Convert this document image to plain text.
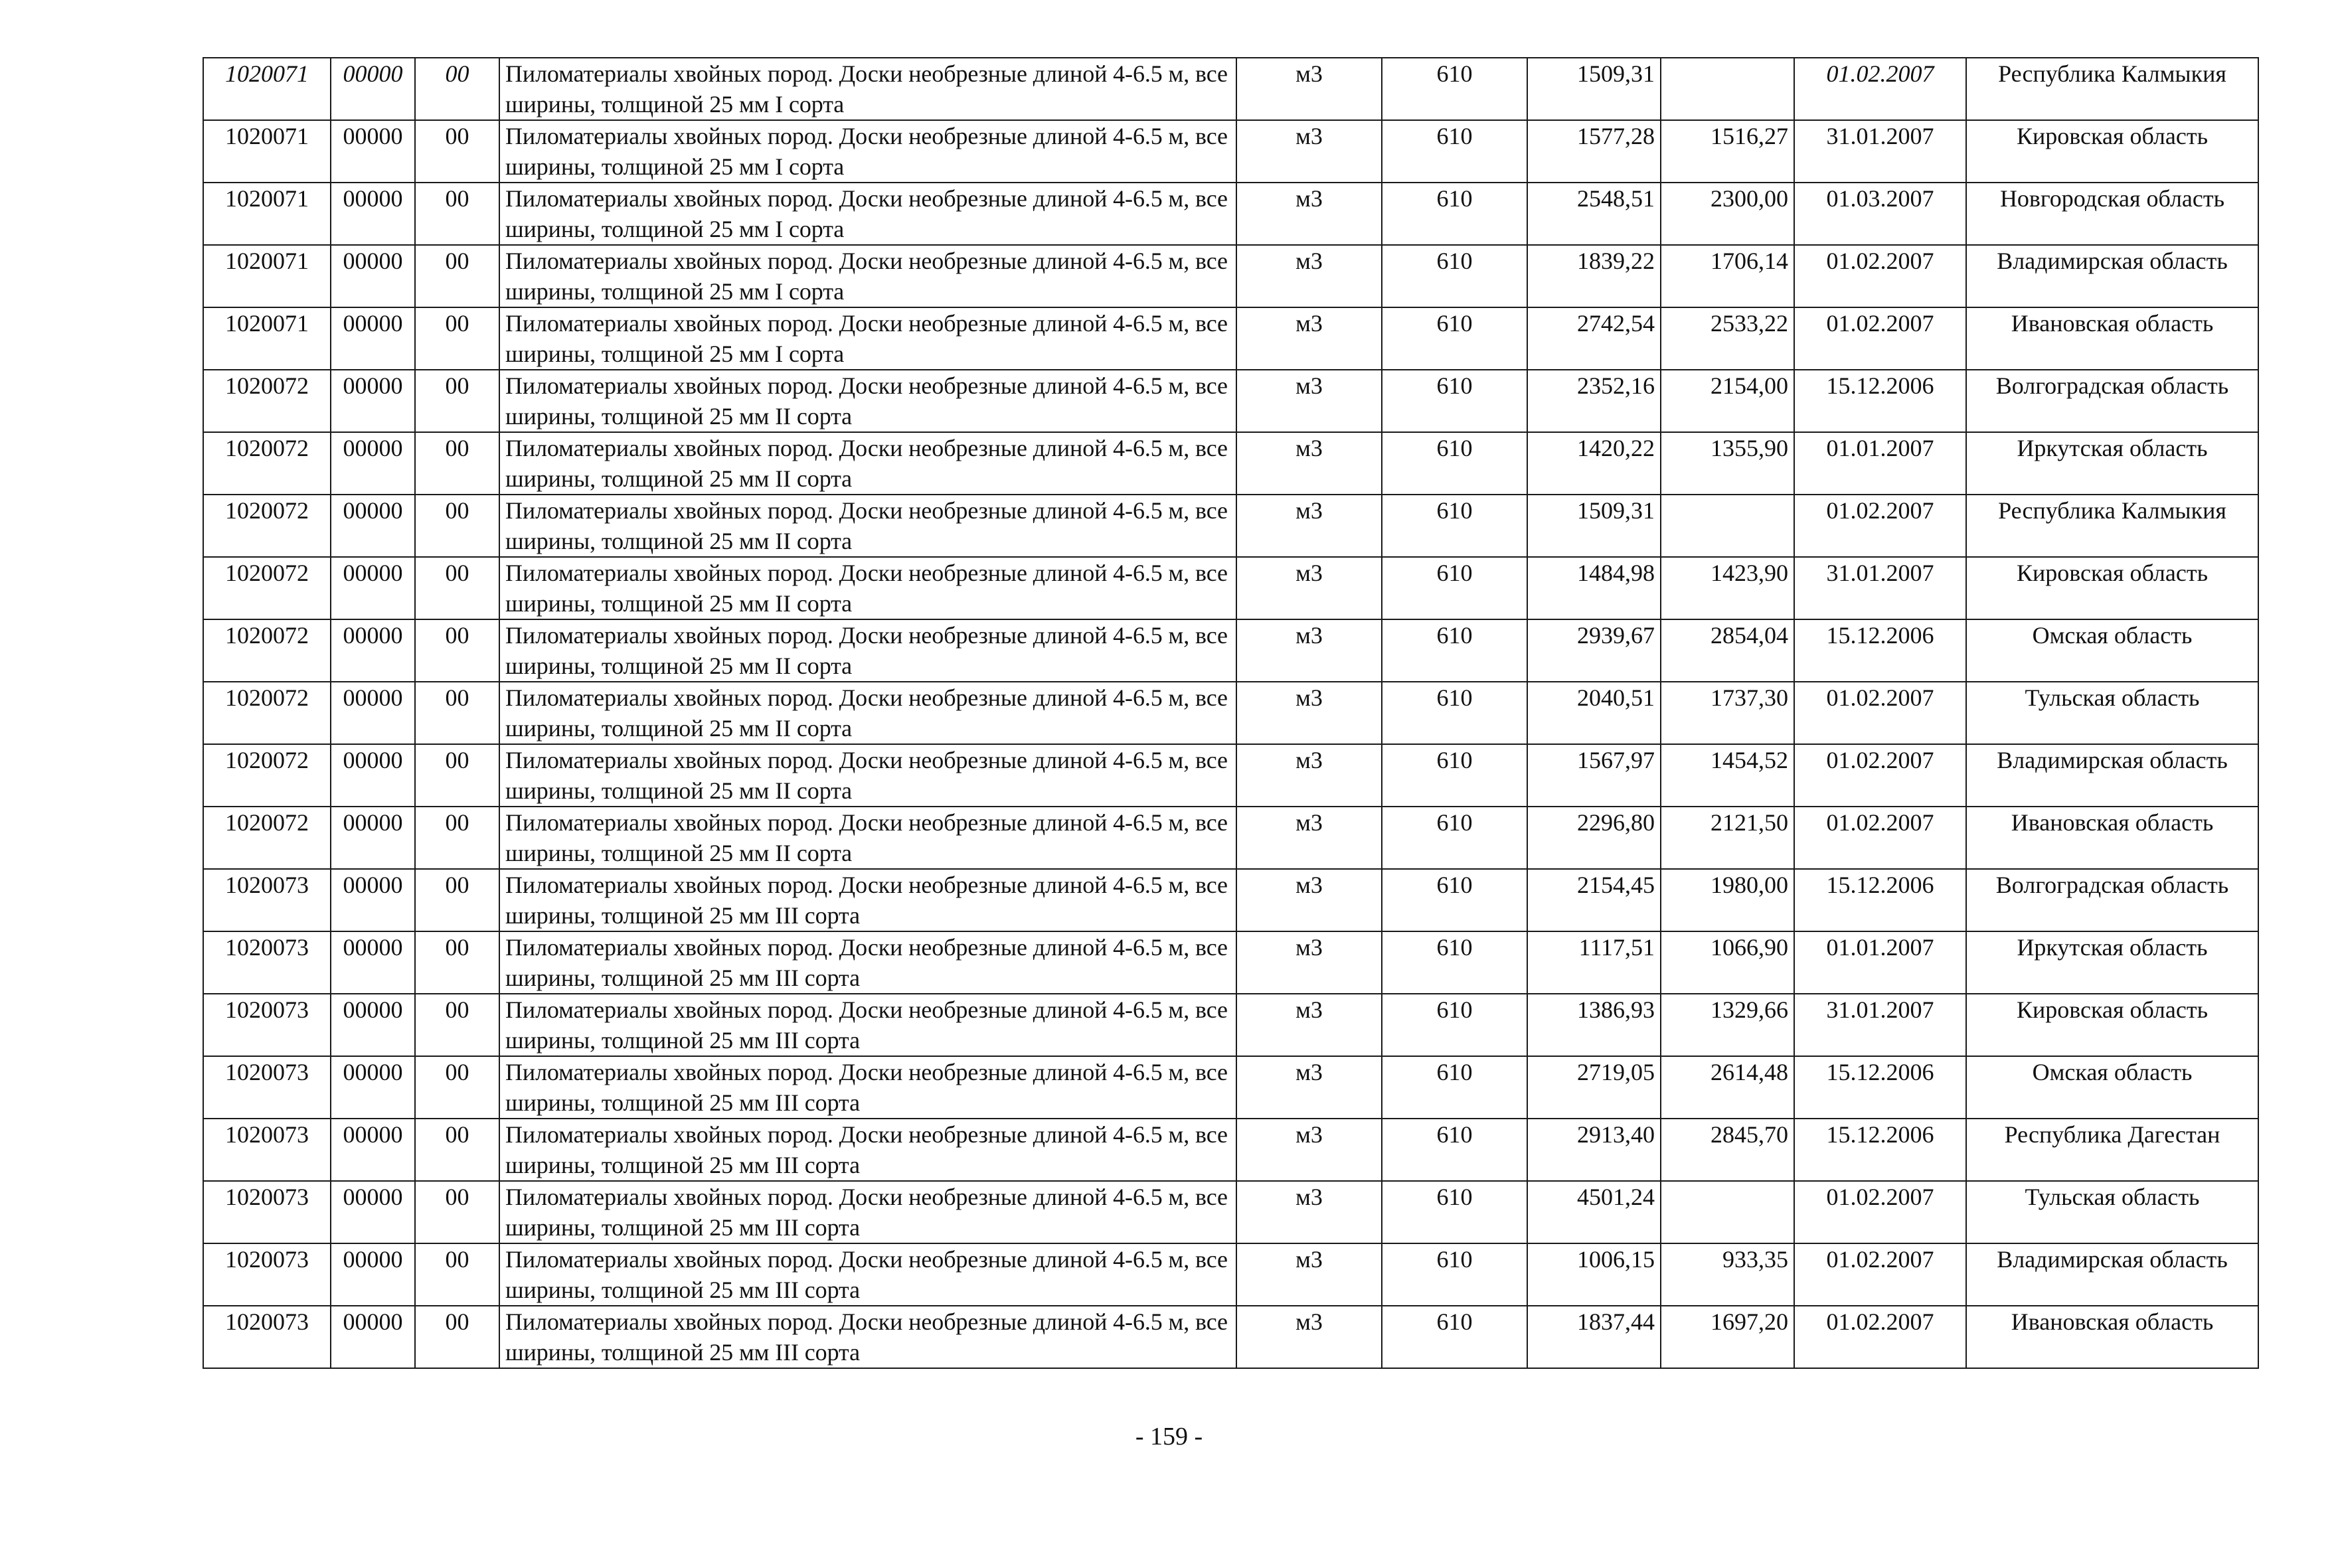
1020071	00000	00	Пиломатериалы хвойных пород. Доски необрезные длиной 4-6.5 м, все ширины, толщиной 25 мм I сорта	м3	610	1509,31		01.02.2007	Республика Калмыкия
1020071	00000	00	Пиломатериалы хвойных пород. Доски необрезные длиной 4-6.5 м, все ширины, толщиной 25 мм I сорта	м3	610	1577,28	1516,27	31.01.2007	Кировская область
1020071	00000	00	Пиломатериалы хвойных пород. Доски необрезные длиной 4-6.5 м, все ширины, толщиной 25 мм I сорта	м3	610	2548,51	2300,00	01.03.2007	Новгородская область
1020071	00000	00	Пиломатериалы хвойных пород. Доски необрезные длиной 4-6.5 м, все ширины, толщиной 25 мм I сорта	м3	610	1839,22	1706,14	01.02.2007	Владимирская область
1020071	00000	00	Пиломатериалы хвойных пород. Доски необрезные длиной 4-6.5 м, все ширины, толщиной 25 мм I сорта	м3	610	2742,54	2533,22	01.02.2007	Ивановская область
1020072	00000	00	Пиломатериалы хвойных пород. Доски необрезные длиной 4-6.5 м, все ширины, толщиной 25 мм II сорта	м3	610	2352,16	2154,00	15.12.2006	Волгоградская область
1020072	00000	00	Пиломатериалы хвойных пород. Доски необрезные длиной 4-6.5 м, все ширины, толщиной 25 мм II сорта	м3	610	1420,22	1355,90	01.01.2007	Иркутская область
1020072	00000	00	Пиломатериалы хвойных пород. Доски необрезные длиной 4-6.5 м, все ширины, толщиной 25 мм II сорта	м3	610	1509,31		01.02.2007	Республика Калмыкия
1020072	00000	00	Пиломатериалы хвойных пород. Доски необрезные длиной 4-6.5 м, все ширины, толщиной 25 мм II сорта	м3	610	1484,98	1423,90	31.01.2007	Кировская область
1020072	00000	00	Пиломатериалы хвойных пород. Доски необрезные длиной 4-6.5 м, все ширины, толщиной 25 мм II сорта	м3	610	2939,67	2854,04	15.12.2006	Омская область
1020072	00000	00	Пиломатериалы хвойных пород. Доски необрезные длиной 4-6.5 м, все ширины, толщиной 25 мм II сорта	м3	610	2040,51	1737,30	01.02.2007	Тульская область
1020072	00000	00	Пиломатериалы хвойных пород. Доски необрезные длиной 4-6.5 м, все ширины, толщиной 25 мм II сорта	м3	610	1567,97	1454,52	01.02.2007	Владимирская область
1020072	00000	00	Пиломатериалы хвойных пород. Доски необрезные длиной 4-6.5 м, все ширины, толщиной 25 мм II сорта	м3	610	2296,80	2121,50	01.02.2007	Ивановская область
1020073	00000	00	Пиломатериалы хвойных пород. Доски необрезные длиной 4-6.5 м, все ширины, толщиной 25 мм III сорта	м3	610	2154,45	1980,00	15.12.2006	Волгоградская область
1020073	00000	00	Пиломатериалы хвойных пород. Доски необрезные длиной 4-6.5 м, все ширины, толщиной 25 мм III сорта	м3	610	1117,51	1066,90	01.01.2007	Иркутская область
1020073	00000	00	Пиломатериалы хвойных пород. Доски необрезные длиной 4-6.5 м, все ширины, толщиной 25 мм III сорта	м3	610	1386,93	1329,66	31.01.2007	Кировская область
1020073	00000	00	Пиломатериалы хвойных пород. Доски необрезные длиной 4-6.5 м, все ширины, толщиной 25 мм III сорта	м3	610	2719,05	2614,48	15.12.2006	Омская область
1020073	00000	00	Пиломатериалы хвойных пород. Доски необрезные длиной 4-6.5 м, все ширины, толщиной 25 мм III сорта	м3	610	2913,40	2845,70	15.12.2006	Республика Дагестан
1020073	00000	00	Пиломатериалы хвойных пород. Доски необрезные длиной 4-6.5 м, все ширины, толщиной 25 мм III сорта	м3	610	4501,24		01.02.2007	Тульская область
1020073	00000	00	Пиломатериалы хвойных пород. Доски необрезные длиной 4-6.5 м, все ширины, толщиной 25 мм III сорта	м3	610	1006,15	933,35	01.02.2007	Владимирская область
1020073	00000	00	Пиломатериалы хвойных пород. Доски необрезные длиной 4-6.5 м, все ширины, толщиной 25 мм III сорта	м3	610	1837,44	1697,20	01.02.2007	Ивановская область
- 159 -
